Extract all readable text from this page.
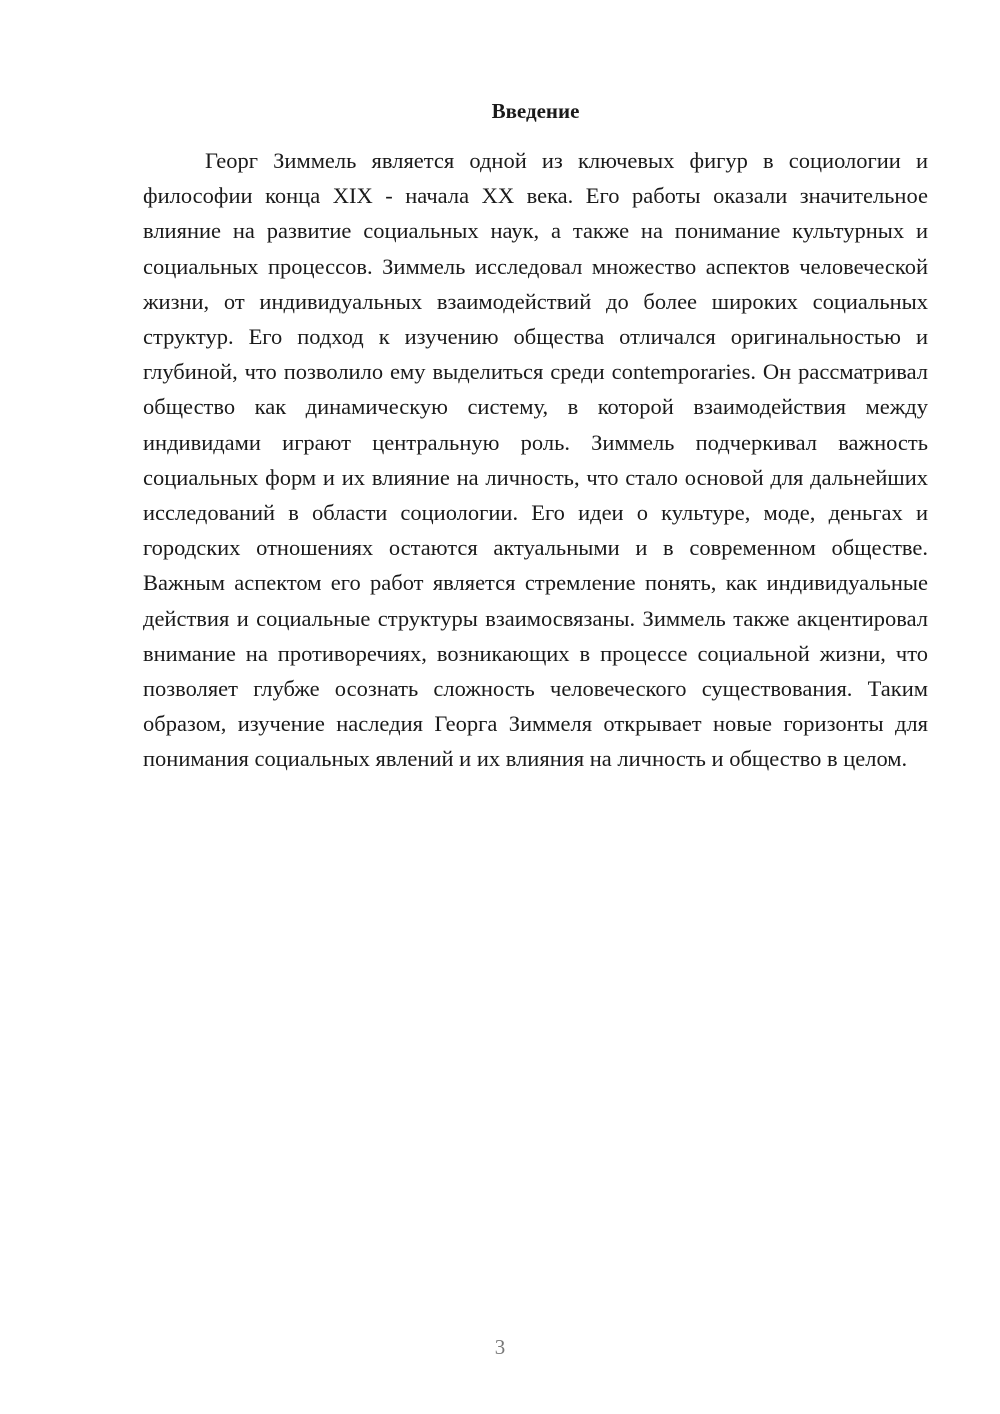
Введение

Георг Зиммель является одной из ключевых фигур в социологии и философии конца XIX - начала XX века. Его работы оказали значительное влияние на развитие социальных наук, а также на понимание культурных и социальных процессов. Зиммель исследовал множество аспектов человеческой жизни, от индивидуальных взаимодействий до более широких социальных структур. Его подход к изучению общества отличался оригинальностью и глубиной, что позволило ему выделиться среди contemporaries. Он рассматривал общество как динамическую систему, в которой взаимодействия между индивидами играют центральную роль. Зиммель подчеркивал важность социальных форм и их влияние на личность, что стало основой для дальнейших исследований в области социологии. Его идеи о культуре, моде, деньгах и городских отношениях остаются актуальными и в современном обществе. Важным аспектом его работ является стремление понять, как индивидуальные действия и социальные структуры взаимосвязаны. Зиммель также акцентировал внимание на противоречиях, возникающих в процессе социальной жизни, что позволяет глубже осознать сложность человеческого существования. Таким образом, изучение наследия Георга Зиммеля открывает новые горизонты для понимания социальных явлений и их влияния на личность и общество в целом.

3
